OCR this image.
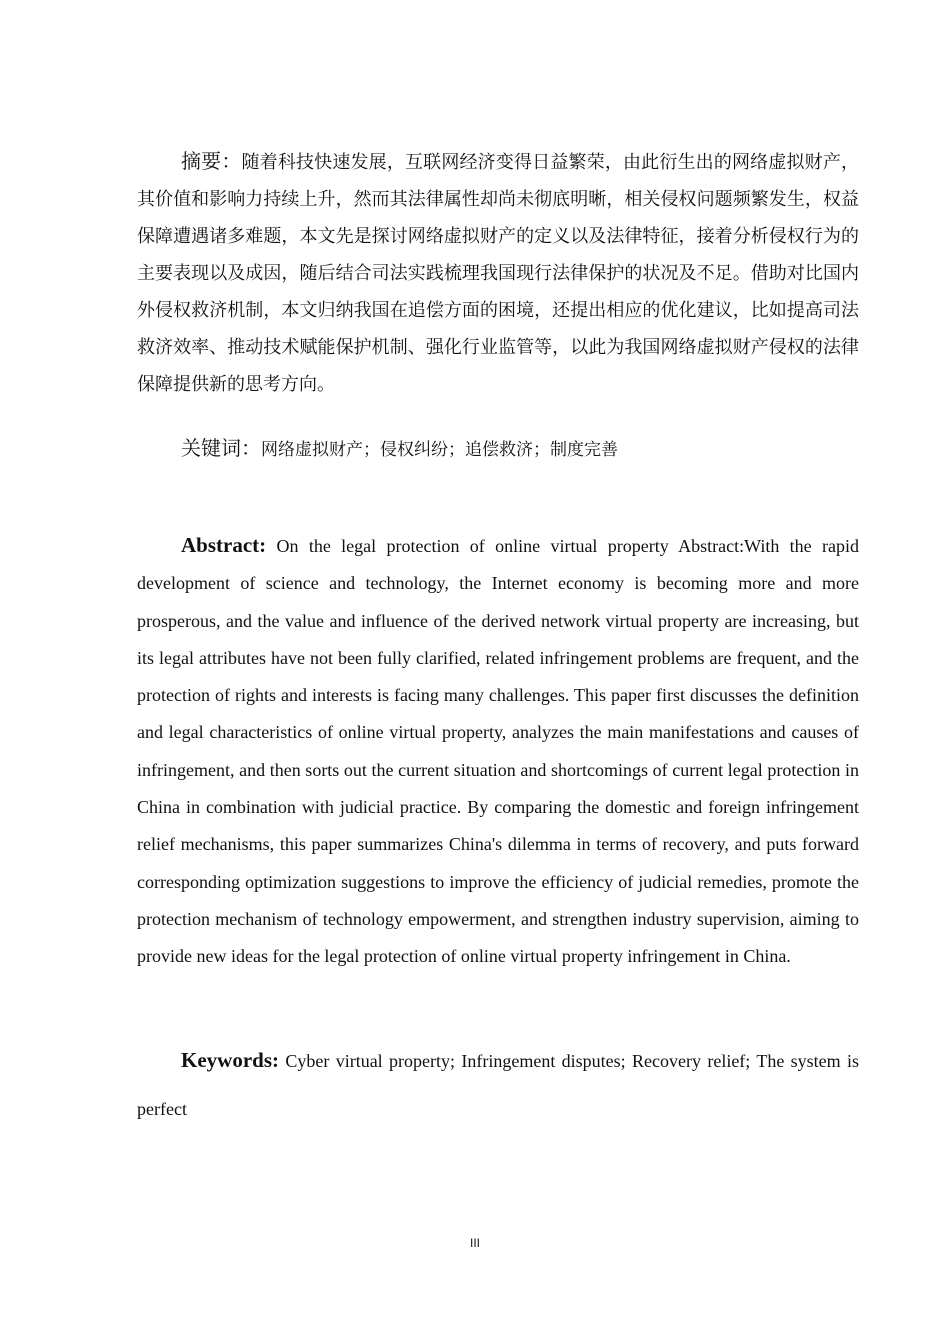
摘要：随着科技快速发展，互联网经济变得日益繁荣，由此衍生出的网络虚拟财产，其价值和影响力持续上升，然而其法律属性却尚未彻底明晰，相关侵权问题频繁发生，权益保障遭遇诸多难题，本文先是探讨网络虚拟财产的定义以及法律特征，接着分析侵权行为的主要表现以及成因，随后结合司法实践梳理我国现行法律保护的状况及不足。借助对比国内外侵权救济机制，本文归纳我国在追偿方面的困境，还提出相应的优化建议，比如提高司法救济效率、推动技术赋能保护机制、强化行业监管等，以此为我国网络虚拟财产侵权的法律保障提供新的思考方向。

关键词：网络虚拟财产；侵权纠纷；追偿救济；制度完善

Abstract: On the legal protection of online virtual property Abstract:With the rapid development of science and technology, the Internet economy is becoming more and more prosperous, and the value and influence of the derived network virtual property are increasing, but its legal attributes have not been fully clarified, related infringement problems are frequent, and the protection of rights and interests is facing many challenges. This paper first discusses the definition and legal characteristics of online virtual property, analyzes the main manifestations and causes of infringement, and then sorts out the current situation and shortcomings of current legal protection in China in combination with judicial practice. By comparing the domestic and foreign infringement relief mechanisms, this paper summarizes China's dilemma in terms of recovery, and puts forward corresponding optimization suggestions to improve the efficiency of judicial remedies, promote the protection mechanism of technology empowerment, and strengthen industry supervision, aiming to provide new ideas for the legal protection of online virtual property infringement in China.

Keywords: Cyber virtual property; Infringement disputes; Recovery relief; The system is perfect

III
